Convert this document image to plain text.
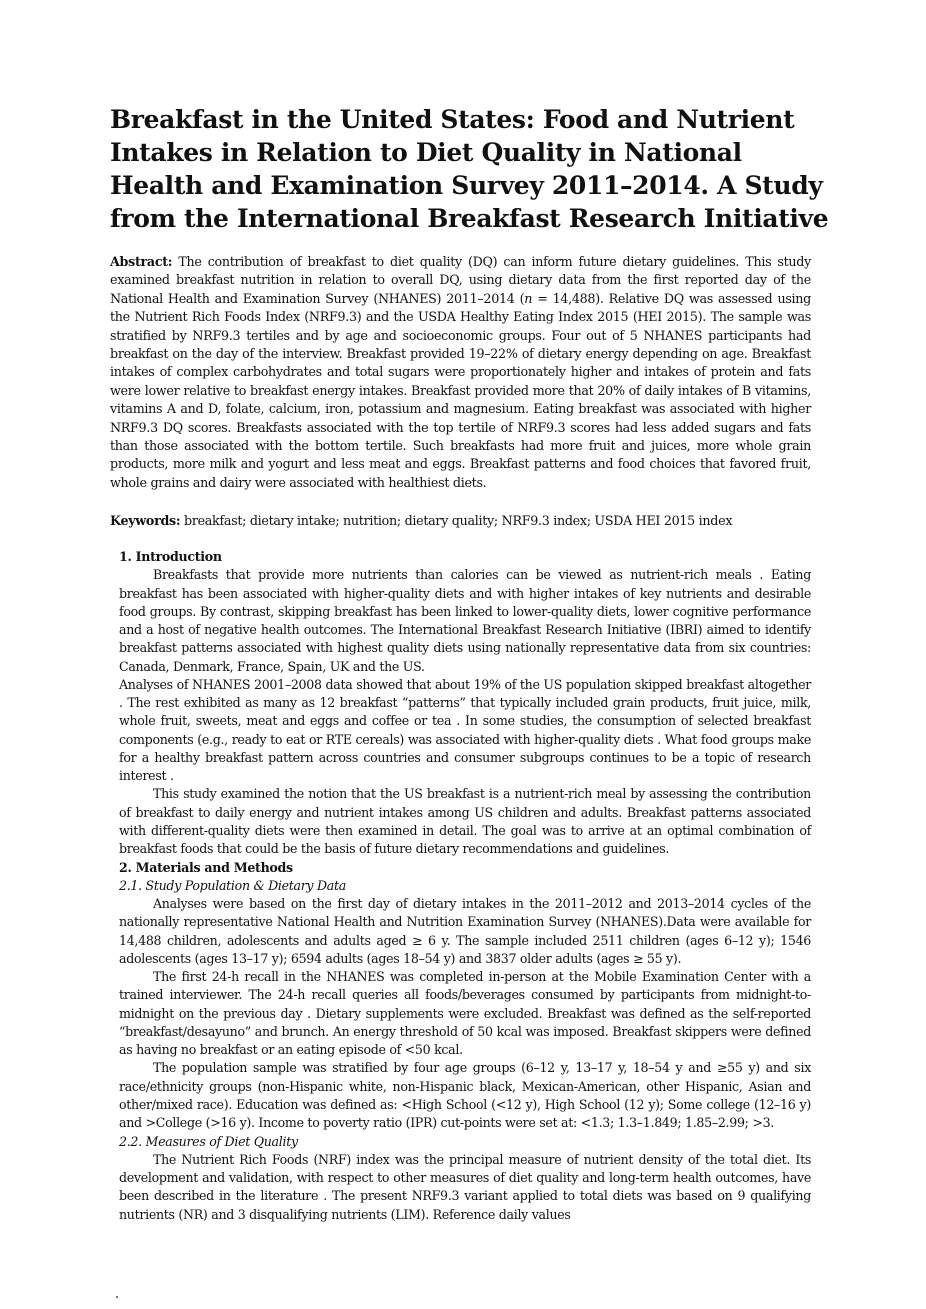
Breakfast in the United States: Food and Nutrient Intakes in Relation to Diet Quality in National Health and Examination Survey 2011–2014. A Study from the International Breakfast Research Initiative

Abstract: The contribution of breakfast to diet quality (DQ) can inform future dietary guidelines. This study examined breakfast nutrition in relation to overall DQ, using dietary data from the first reported day of the National Health and Examination Survey (NHANES) 2011–2014 (n = 14,488). Relative DQ was assessed using the Nutrient Rich Foods Index (NRF9.3) and the USDA Healthy Eating Index 2015 (HEI 2015). The sample was stratified by NRF9.3 tertiles and by age and socioeconomic groups. Four out of 5 NHANES participants had breakfast on the day of the interview. Breakfast provided 19–22% of dietary energy depending on age. Breakfast intakes of complex carbohydrates and total sugars were proportionately higher and intakes of protein and fats were lower relative to breakfast energy intakes. Breakfast provided more that 20% of daily intakes of B vitamins, vitamins A and D, folate, calcium, iron, potassium and magnesium. Eating breakfast was associated with higher NRF9.3 DQ scores. Breakfasts associated with the top tertile of NRF9.3 scores had less added sugars and fats than those associated with the bottom tertile. Such breakfasts had more fruit and juices, more whole grain products, more milk and yogurt and less meat and eggs. Breakfast patterns and food choices that favored fruit, whole grains and dairy were associated with healthiest diets.

Keywords: breakfast; dietary intake; nutrition; dietary quality; NRF9.3 index; USDA HEI 2015 index

1. Introduction

Breakfasts that provide more nutrients than calories can be viewed as nutrient-rich meals . Eating breakfast has been associated with higher-quality diets and with higher intakes of key nutrients and desirable food groups. By contrast, skipping breakfast has been linked to lower-quality diets, lower cognitive performance and a host of negative health outcomes. The International Breakfast Research Initiative (IBRI) aimed to identify breakfast patterns associated with highest quality diets using nationally representative data from six countries: Canada, Denmark, France, Spain, UK and the US.

Analyses of NHANES 2001–2008 data showed that about 19% of the US population skipped breakfast altogether . The rest exhibited as many as 12 breakfast “patterns” that typically included grain products, fruit juice, milk, whole fruit, sweets, meat and eggs and coffee or tea . In some studies, the consumption of selected breakfast components (e.g., ready to eat or RTE cereals) was associated with higher-quality diets . What food groups make for a healthy breakfast pattern across countries and consumer subgroups continues to be a topic of research interest .

This study examined the notion that the US breakfast is a nutrient-rich meal by assessing the contribution of breakfast to daily energy and nutrient intakes among US children and adults. Breakfast patterns associated with different-quality diets were then examined in detail. The goal was to arrive at an optimal combination of breakfast foods that could be the basis of future dietary recommendations and guidelines.

2. Materials and Methods

2.1. Study Population & Dietary Data

Analyses were based on the first day of dietary intakes in the 2011–2012 and 2013–2014 cycles of the nationally representative National Health and Nutrition Examination Survey (NHANES).Data were available for 14,488 children, adolescents and adults aged ≥ 6 y. The sample included 2511 children (ages 6–12 y); 1546 adolescents (ages 13–17 y); 6594 adults (ages 18–54 y) and 3837 older adults (ages ≥ 55 y).

The first 24-h recall in the NHANES was completed in-person at the Mobile Examination Center with a trained interviewer. The 24-h recall queries all foods/beverages consumed by participants from midnight-to-midnight on the previous day . Dietary supplements were excluded. Breakfast was defined as the self-reported “breakfast/desayuno” and brunch. An energy threshold of 50 kcal was imposed. Breakfast skippers were defined as having no breakfast or an eating episode of <50 kcal.

The population sample was stratified by four age groups (6–12 y, 13–17 y, 18–54 y and ≥55 y) and six race/ethnicity groups (non-Hispanic white, non-Hispanic black, Mexican-American, other Hispanic, Asian and other/mixed race). Education was defined as: <High School (<12 y), High School (12 y); Some college (12–16 y) and >College (>16 y). Income to poverty ratio (IPR) cut-points were set at: <1.3; 1.3–1.849; 1.85–2.99; >3.

2.2. Measures of Diet Quality

The Nutrient Rich Foods (NRF) index was the principal measure of nutrient density of the total diet. Its development and validation, with respect to other measures of diet quality and long-term health outcomes, have been described in the literature . The present NRF9.3 variant applied to total diets was based on 9 qualifying nutrients (NR) and 3 disqualifying nutrients (LIM). Reference daily values
